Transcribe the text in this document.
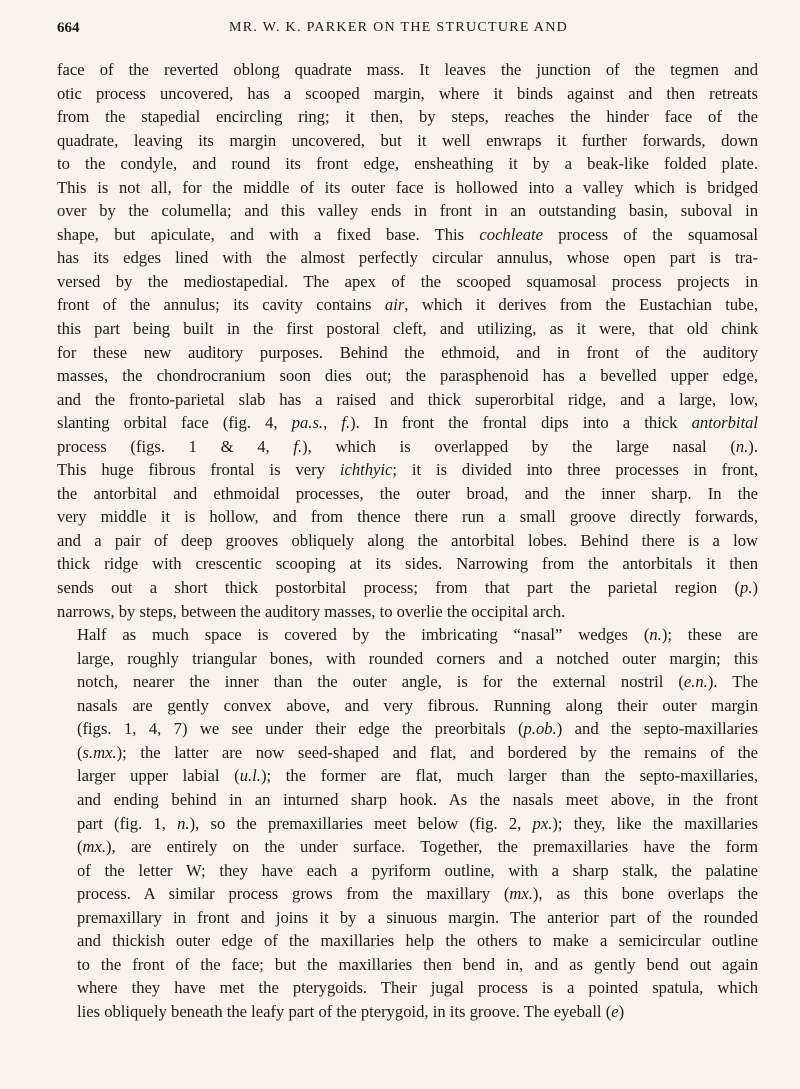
664	MR. W. K. PARKER ON THE STRUCTURE AND

face of the reverted oblong quadrate mass. It leaves the junction of the tegmen and
otic process uncovered, has a scooped margin, where it binds against and then retreats
from the stapedial encircling ring; it then, by steps, reaches the hinder face of the
quadrate, leaving its margin uncovered, but it well enwraps it further forwards, down
to the condyle, and round its front edge, ensheathing it by a beak-like folded plate.
This is not all, for the middle of its outer face is hollowed into a valley which is bridged
over by the columella; and this valley ends in front in an outstanding basin, suboval in
shape, but apiculate, and with a fixed base. This cochleate process of the squamosal
has its edges lined with the almost perfectly circular annulus, whose open part is tra-
versed by the mediostapedial. The apex of the scooped squamosal process projects in
front of the annulus; its cavity contains air, which it derives from the Eustachian tube,
this part being built in the first postoral cleft, and utilizing, as it were, that old chink
for these new auditory purposes. Behind the ethmoid, and in front of the auditory
masses, the chondrocranium soon dies out; the parasphenoid has a bevelled upper edge,
and the fronto-parietal slab has a raised and thick superorbital ridge, and a large, low,
slanting orbital face (fig. 4, pa.s., f.). In front the frontal dips into a thick antorbital
process (figs. 1 & 4, f.), which is overlapped by the large nasal (n.).
This huge fibrous frontal is very ichthyic; it is divided into three processes in front,
the antorbital and ethmoidal processes, the outer broad, and the inner sharp. In the
very middle it is hollow, and from thence there run a small groove directly forwards,
and a pair of deep grooves obliquely along the antorbital lobes. Behind there is a low
thick ridge with crescentic scooping at its sides. Narrowing from the antorbitals it then
sends out a short thick postorbital process; from that part the parietal region (p.)
narrows, by steps, between the auditory masses, to overlie the occipital arch.

Half as much space is covered by the imbricating “nasal” wedges (n.); these are
large, roughly triangular bones, with rounded corners and a notched outer margin; this
notch, nearer the inner than the outer angle, is for the external nostril (e.n.). The
nasals are gently convex above, and very fibrous. Running along their outer margin
(figs. 1, 4, 7) we see under their edge the preorbitals (p.ob.) and the septo-maxillaries
(s.mx.); the latter are now seed-shaped and flat, and bordered by the remains of the
larger upper labial (u.l.); the former are flat, much larger than the septo-maxillaries,
and ending behind in an inturned sharp hook. As the nasals meet above, in the front
part (fig. 1, n.), so the premaxillaries meet below (fig. 2, px.); they, like the maxillaries
(mx.), are entirely on the under surface. Together, the premaxillaries have the form
of the letter W; they have each a pyriform outline, with a sharp stalk, the palatine
process. A similar process grows from the maxillary (mx.), as this bone overlaps the
premaxillary in front and joins it by a sinuous margin. The anterior part of the rounded
and thickish outer edge of the maxillaries help the others to make a semicircular outline
to the front of the face; but the maxillaries then bend in, and as gently bend out again
where they have met the pterygoids. Their jugal process is a pointed spatula, which
lies obliquely beneath the leafy part of the pterygoid, in its groove. The eyeball (e)
